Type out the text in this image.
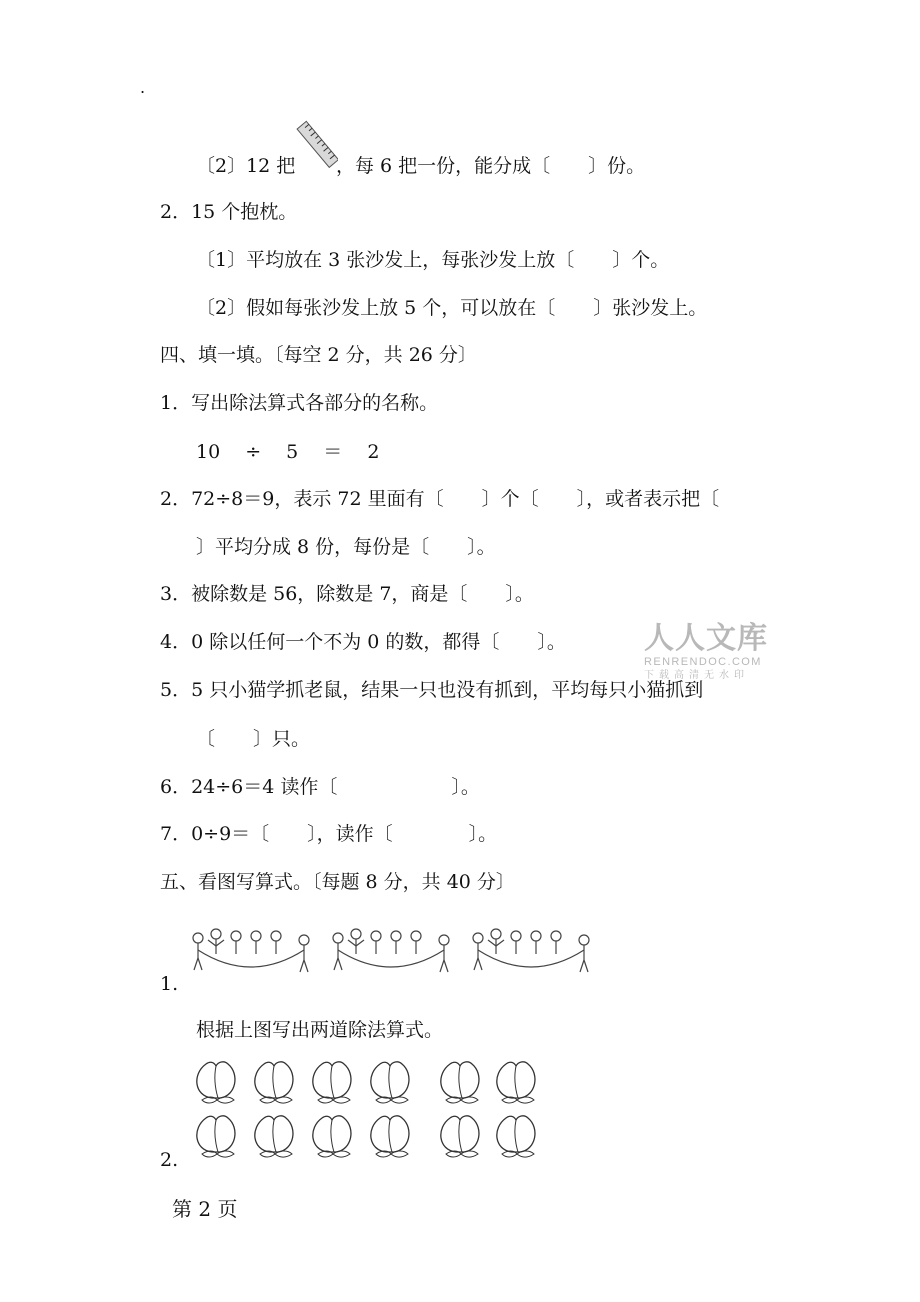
.
〔2〕12 把 ，每 6 把一份，能分成〔　　〕份。
2．15 个抱枕。
〔1〕平均放在 3 张沙发上，每张沙发上放〔　　〕个。
〔2〕假如每张沙发上放 5 个，可以放在〔　　〕张沙发上。
四、填一填。〔每空 2 分，共 26 分〕
1．写出除法算式各部分的名称。
10　 ÷　 5　 ＝　 2
2．72÷8＝9，表示 72 里面有〔　　〕个〔　　〕，或者表示把〔
〕平均分成 8 份，每份是〔　　〕。
3．被除数是 56，除数是 7，商是〔　　〕。
4．0 除以任何一个不为 0 的数，都得〔　　〕。
5．5 只小猫学抓老鼠，结果一只也没有抓到，平均每只小猫抓到
〔　　〕只。
6．24÷6＝4 读作〔　　　　　　〕。
7．0÷9＝〔　　〕，读作〔　　　　〕。
五、看图写算式。〔每题 8 分，共 40 分〕
1.
根据上图写出两道除法算式。
2.
人人文库
RENRENDOC.COM
下载高清无水印
第 2 页
